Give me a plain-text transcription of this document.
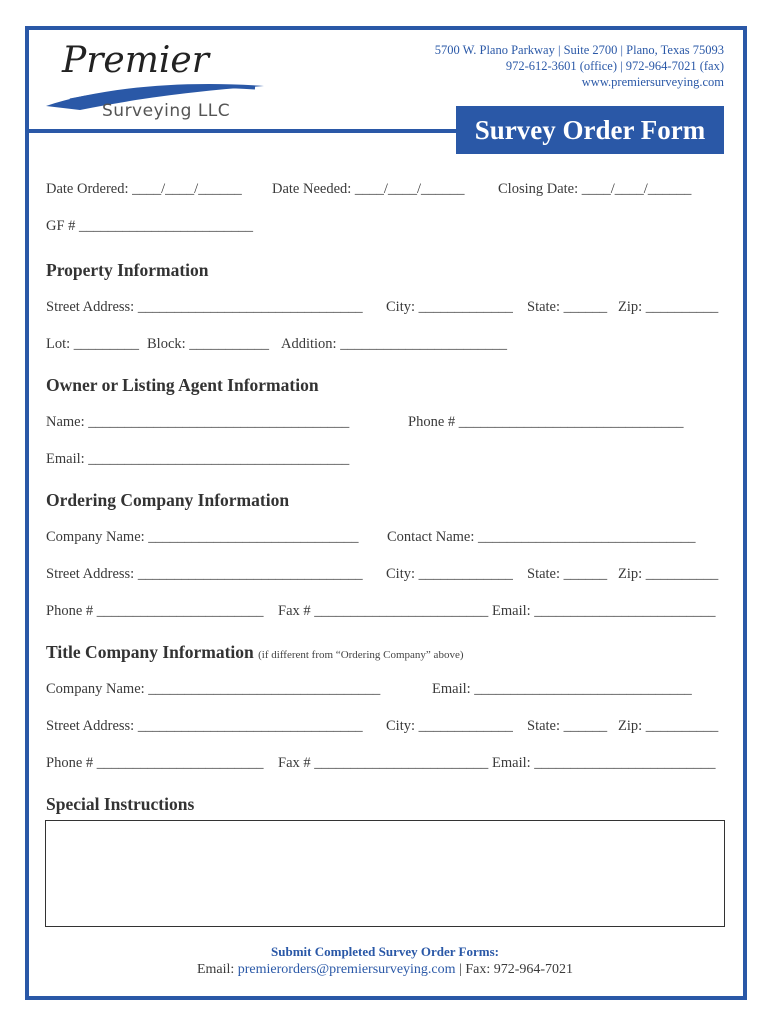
Premier
Surveying LLC
5700 W. Plano Parkway | Suite 2700 | Plano, Texas 75093
972-612-3601 (office) | 972-964-7021 (fax)
www.premiersurveying.com
Survey Order Form
Date Ordered: ____/____/______ Date Needed: ____/____/______ Closing Date: ____/____/______
GF # ________________________
Property Information
Street Address: _______________________________ City: _____________ State: ______ Zip: __________
Lot: _________ Block: ___________ Addition: _______________________
Owner or Listing Agent Information
Name: ____________________________________	Phone # _______________________________
Email: ____________________________________
Ordering Company Information
Company Name: _____________________________ Contact Name: ______________________________
Street Address: _______________________________ City: _____________ State: ______ Zip: __________
Phone # _______________________ Fax # ________________________ Email: _________________________
Title Company Information (if different from “Ordering Company” above)
Company Name: ________________________________	Email: ______________________________
Street Address: _______________________________ City: _____________ State: ______ Zip: __________
Phone # _______________________ Fax # ________________________ Email: _________________________
Special Instructions
Submit Completed Survey Order Forms:
Email: premierorders@premiersurveying.com | Fax: 972-964-7021
